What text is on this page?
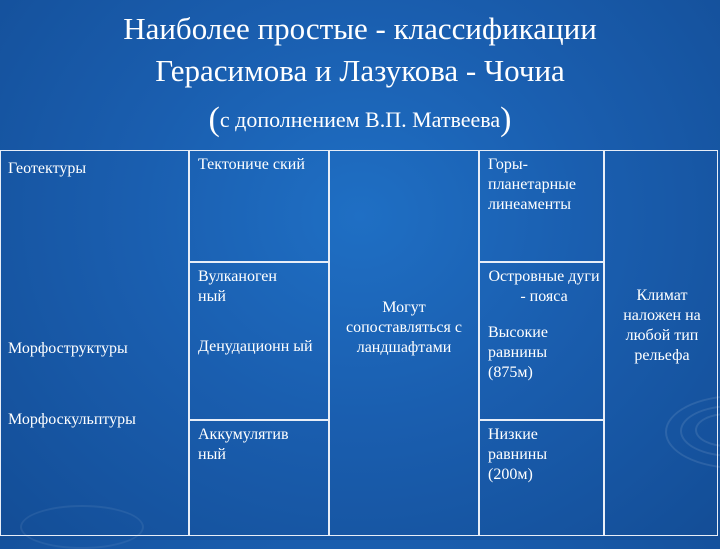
Наиболее простые - классификации
Герасимова и Лазукова - Чочиа
(с дополнением В.П. Матвеева)
Геотектуры
Морфоструктуры
Морфоскульптуры
Тектониче ский
Вулканоген ный
Денудационн ый
Аккумулятив ный
Могут сопоставляться с ландшафтами
Горы- планетарные линеаменты
Островные дуги - пояса
Высокие равнины (875м)
Низкие равнины (200м)
Климат наложен на любой тип рельефа
